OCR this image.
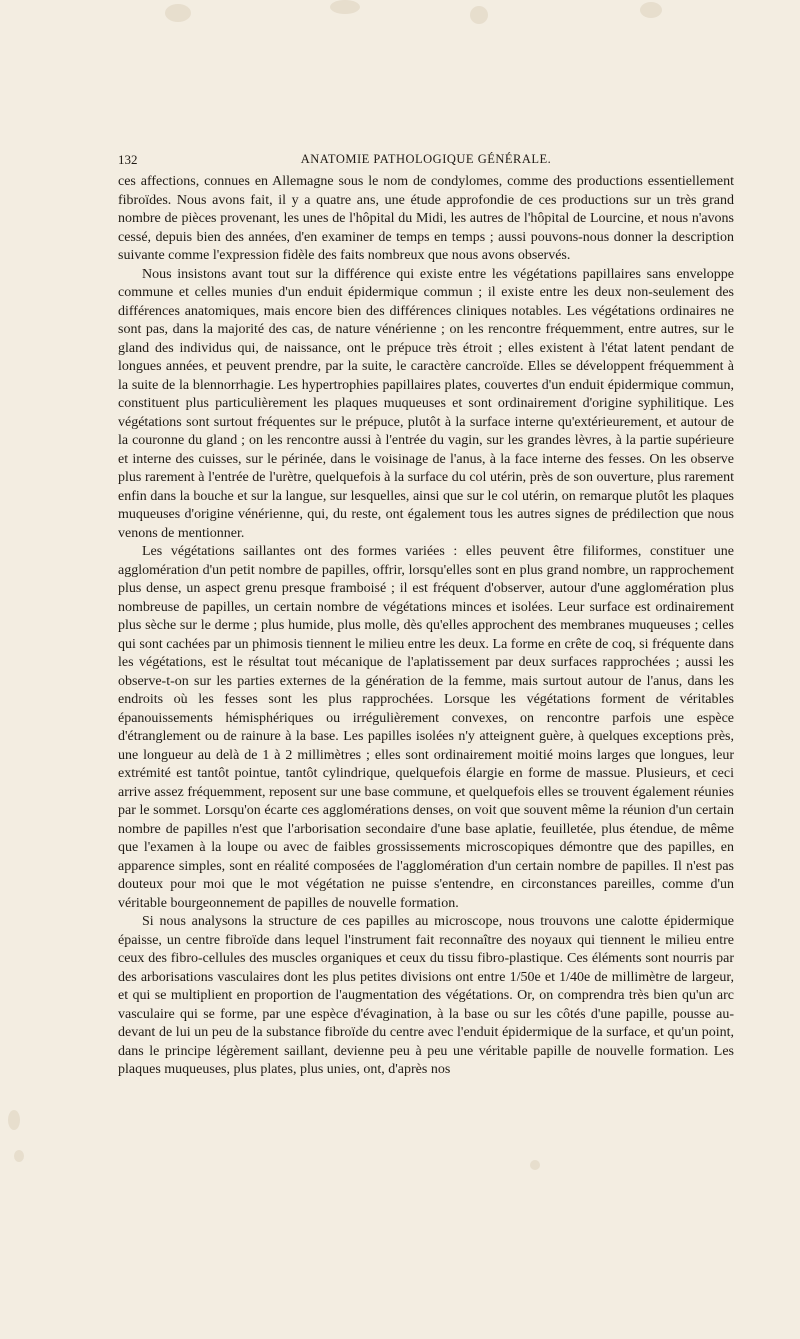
132	ANATOMIE PATHOLOGIQUE GÉNÉRALE.

ces affections, connues en Allemagne sous le nom de condylomes, comme des productions essentiellement fibroïdes. Nous avons fait, il y a quatre ans, une étude approfondie de ces productions sur un très grand nombre de pièces provenant, les unes de l'hôpital du Midi, les autres de l'hôpital de Lourcine, et nous n'avons cessé, depuis bien des années, d'en examiner de temps en temps ; aussi pouvons-nous donner la description suivante comme l'expression fidèle des faits nombreux que nous avons observés.

Nous insistons avant tout sur la différence qui existe entre les végétations papillaires sans enveloppe commune et celles munies d'un enduit épidermique commun ; il existe entre les deux non-seulement des différences anatomiques, mais encore bien des différences cliniques notables. Les végétations ordinaires ne sont pas, dans la majorité des cas, de nature vénérienne ; on les rencontre fréquemment, entre autres, sur le gland des individus qui, de naissance, ont le prépuce très étroit ; elles existent à l'état latent pendant de longues années, et peuvent prendre, par la suite, le caractère cancroïde. Elles se développent fréquemment à la suite de la blennorrhagie. Les hypertrophies papillaires plates, couvertes d'un enduit épidermique commun, constituent plus particulièrement les plaques muqueuses et sont ordinairement d'origine syphilitique. Les végétations sont surtout fréquentes sur le prépuce, plutôt à la surface interne qu'extérieurement, et autour de la couronne du gland ; on les rencontre aussi à l'entrée du vagin, sur les grandes lèvres, à la partie supérieure et interne des cuisses, sur le périnée, dans le voisinage de l'anus, à la face interne des fesses. On les observe plus rarement à l'entrée de l'urètre, quelquefois à la surface du col utérin, près de son ouverture, plus rarement enfin dans la bouche et sur la langue, sur lesquelles, ainsi que sur le col utérin, on remarque plutôt les plaques muqueuses d'origine vénérienne, qui, du reste, ont également tous les autres signes de prédilection que nous venons de mentionner.

Les végétations saillantes ont des formes variées : elles peuvent être filiformes, constituer une agglomération d'un petit nombre de papilles, offrir, lorsqu'elles sont en plus grand nombre, un rapprochement plus dense, un aspect grenu presque framboisé ; il est fréquent d'observer, autour d'une agglomération plus nombreuse de papilles, un certain nombre de végétations minces et isolées. Leur surface est ordinairement plus sèche sur le derme ; plus humide, plus molle, dès qu'elles approchent des membranes muqueuses ; celles qui sont cachées par un phimosis tiennent le milieu entre les deux. La forme en crête de coq, si fréquente dans les végétations, est le résultat tout mécanique de l'aplatissement par deux surfaces rapprochées ; aussi les observe-t-on sur les parties externes de la génération de la femme, mais surtout autour de l'anus, dans les endroits où les fesses sont les plus rapprochées. Lorsque les végétations forment de véritables épanouissements hémisphériques ou irrégulièrement convexes, on rencontre parfois une espèce d'étranglement ou de rainure à la base. Les papilles isolées n'y atteignent guère, à quelques exceptions près, une longueur au delà de 1 à 2 millimètres ; elles sont ordinairement moitié moins larges que longues, leur extrémité est tantôt pointue, tantôt cylindrique, quelquefois élargie en forme de massue. Plusieurs, et ceci arrive assez fréquemment, reposent sur une base commune, et quelquefois elles se trouvent également réunies par le sommet. Lorsqu'on écarte ces agglomérations denses, on voit que souvent même la réunion d'un certain nombre de papilles n'est que l'arborisation secondaire d'une base aplatie, feuilletée, plus étendue, de même que l'examen à la loupe ou avec de faibles grossissements microscopiques démontre que des papilles, en apparence simples, sont en réalité composées de l'agglomération d'un certain nombre de papilles. Il n'est pas douteux pour moi que le mot végétation ne puisse s'entendre, en circonstances pareilles, comme d'un véritable bourgeonnement de papilles de nouvelle formation.

Si nous analysons la structure de ces papilles au microscope, nous trouvons une calotte épidermique épaisse, un centre fibroïde dans lequel l'instrument fait reconnaître des noyaux qui tiennent le milieu entre ceux des fibro-cellules des muscles organiques et ceux du tissu fibro-plastique. Ces éléments sont nourris par des arborisations vasculaires dont les plus petites divisions ont entre 1/50e et 1/40e de millimètre de largeur, et qui se multiplient en proportion de l'augmentation des végétations. Or, on comprendra très bien qu'un arc vasculaire qui se forme, par une espèce d'évagination, à la base ou sur les côtés d'une papille, pousse au-devant de lui un peu de la substance fibroïde du centre avec l'enduit épidermique de la surface, et qu'un point, dans le principe légèrement saillant, devienne peu à peu une véritable papille de nouvelle formation. Les plaques muqueuses, plus plates, plus unies, ont, d'après nos
